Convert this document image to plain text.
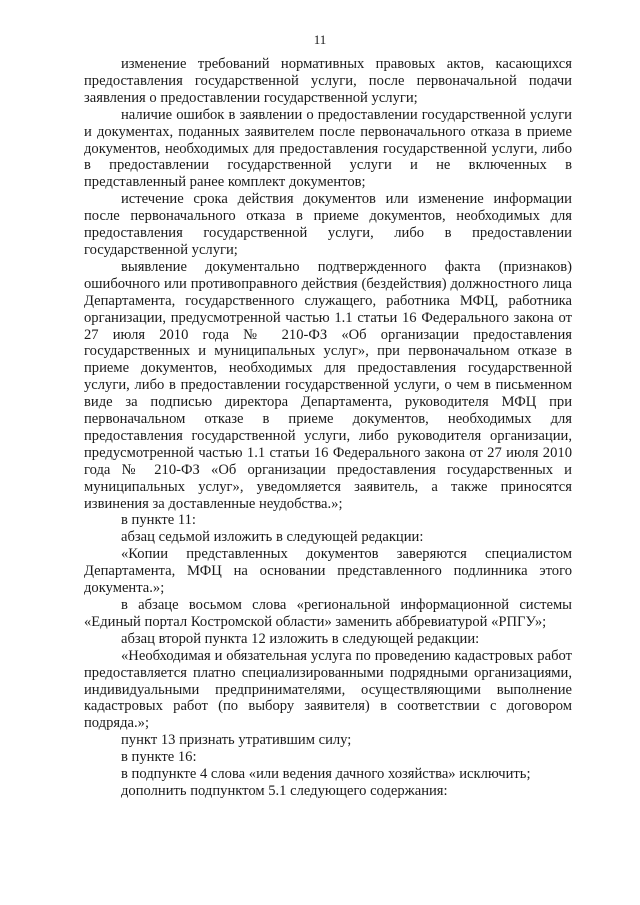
11

изменение требований нормативных правовых актов, касающихся предоставления государственной услуги, после первоначальной подачи заявления о предоставлении государственной услуги;

наличие ошибок в заявлении о предоставлении государственной услуги и документах, поданных заявителем после первоначального отказа в приеме документов, необходимых для предоставления государственной услуги, либо в предоставлении государственной услуги и не включенных в представленный ранее комплект документов;

истечение срока действия документов или изменение информации после первоначального отказа в приеме документов, необходимых для предоставления государственной услуги, либо в предоставлении государственной услуги;

выявление документально подтвержденного факта (признаков) ошибочного или противоправного действия (бездействия) должностного лица Департамента, государственного служащего, работника МФЦ, работника организации, предусмотренной частью 1.1 статьи 16 Федерального закона от 27 июля 2010 года № 210-ФЗ «Об организации предоставления государственных и муниципальных услуг», при первоначальном отказе в приеме документов, необходимых для предоставления государственной услуги, либо в предоставлении государственной услуги, о чем в письменном виде за подписью директора Департамента, руководителя МФЦ при первоначальном отказе в приеме документов, необходимых для предоставления государственной услуги, либо руководителя организации, предусмотренной частью 1.1 статьи 16 Федерального закона от 27 июля 2010 года № 210-ФЗ «Об организации предоставления государственных и муниципальных услуг», уведомляется заявитель, а также приносятся извинения за доставленные неудобства.»;

в пункте 11:

абзац седьмой изложить в следующей редакции:

«Копии представленных документов заверяются специалистом Департамента, МФЦ на основании представленного подлинника этого документа.»;

в абзаце восьмом слова «региональной информационной системы «Единый портал Костромской области» заменить аббревиатурой «РПГУ»;

абзац второй пункта 12 изложить в следующей редакции:

«Необходимая и обязательная услуга по проведению кадастровых работ предоставляется платно специализированными подрядными организациями, индивидуальными предпринимателями, осуществляющими выполнение кадастровых работ (по выбору заявителя) в соответствии с договором подряда.»;

пункт 13 признать утратившим силу;

в пункте 16:

в подпункте 4 слова «или ведения дачного хозяйства» исключить;

дополнить подпунктом 5.1 следующего содержания:
